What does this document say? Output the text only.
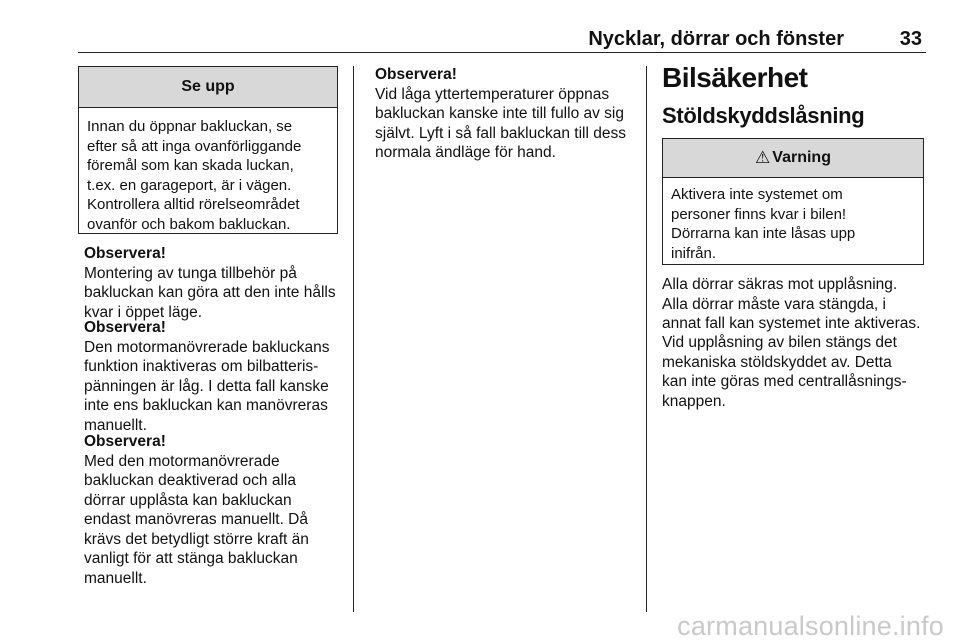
Nycklar, dörrar och fönster	33
Se upp
Innan du öppnar bakluckan, se
efter så att inga ovanförliggande
föremål som kan skada luckan,
t.ex. en garageport, är i vägen.
Kontrollera alltid rörelseområdet
ovanför och bakom bakluckan.
Observera!
Montering av tunga tillbehör på
bakluckan kan göra att den inte hålls
kvar i öppet läge.
Observera!
Den motormanövrerade bakluckans
funktion inaktiveras om bilbatteris‐
pänningen är låg. I detta fall kanske
inte ens bakluckan kan manövreras
manuellt.
Observera!
Med den motormanövrerade
bakluckan deaktiverad och alla
dörrar upplåsta kan bakluckan
endast manövreras manuellt. Då
krävs det betydligt större kraft än
vanligt för att stänga bakluckan
manuellt.
Observera!
Vid låga yttertemperaturer öppnas
bakluckan kanske inte till fullo av sig
självt. Lyft i så fall bakluckan till dess
normala ändläge för hand.
Bilsäkerhet
Stöldskyddslåsning
⚠ Varning
Aktivera inte systemet om
personer finns kvar i bilen!
Dörrarna kan inte låsas upp
inifrån.
Alla dörrar säkras mot upplåsning.
Alla dörrar måste vara stängda, i
annat fall kan systemet inte aktiveras.
Vid upplåsning av bilen stängs det
mekaniska stöldskyddet av. Detta
kan inte göras med centrallåsnings‐
knappen.
carmanualsonline.info
